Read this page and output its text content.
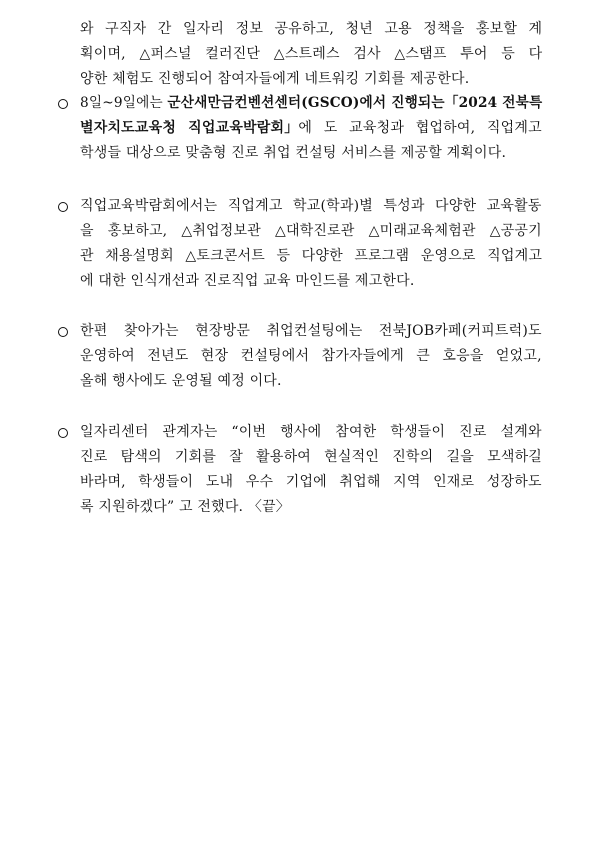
와 구직자 간 일자리 정보 공유하고, 청년 고용 정책을 홍보할 계
획이며, △퍼스널 컬러진단 △스트레스 검사 △스탬프 투어 등 다
양한 체험도 진행되어 참여자들에게 네트워킹 기회를 제공한다.
8일~9일에는 군산새만금컨벤션센터(GSCO)에서 진행되는「2024 전북특
별자치도교육청 직업교육박람회」에 도 교육청과 협업하여, 직업계고
학생들 대상으로 맞춤형 진로 취업 컨설팅 서비스를 제공할 계획이다.
직업교육박람회에서는 직업계고 학교(학과)별 특성과 다양한 교육활동
을 홍보하고, △취업정보관 △대학진로관 △미래교육체험관 △공공기
관 채용설명회 △토크콘서트 등 다양한 프로그램 운영으로 직업계고
에 대한 인식개선과 진로직업 교육 마인드를 제고한다.
한편 찾아가는 현장방문 취업컨설팅에는 전북JOB카페(커피트럭)도
운영하여 전년도 현장 컨설팅에서 참가자들에게 큰 호응을 얻었고,
올해 행사에도 운영될 예정 이다.
일자리센터 관계자는 “이번 행사에 참여한 학생들이 진로 설계와
진로 탐색의 기회를 잘 활용하여 현실적인 진학의 길을 모색하길
바라며, 학생들이 도내 우수 기업에 취업해 지역 인재로 성장하도
록 지원하겠다” 고 전했다. 〈끝〉
